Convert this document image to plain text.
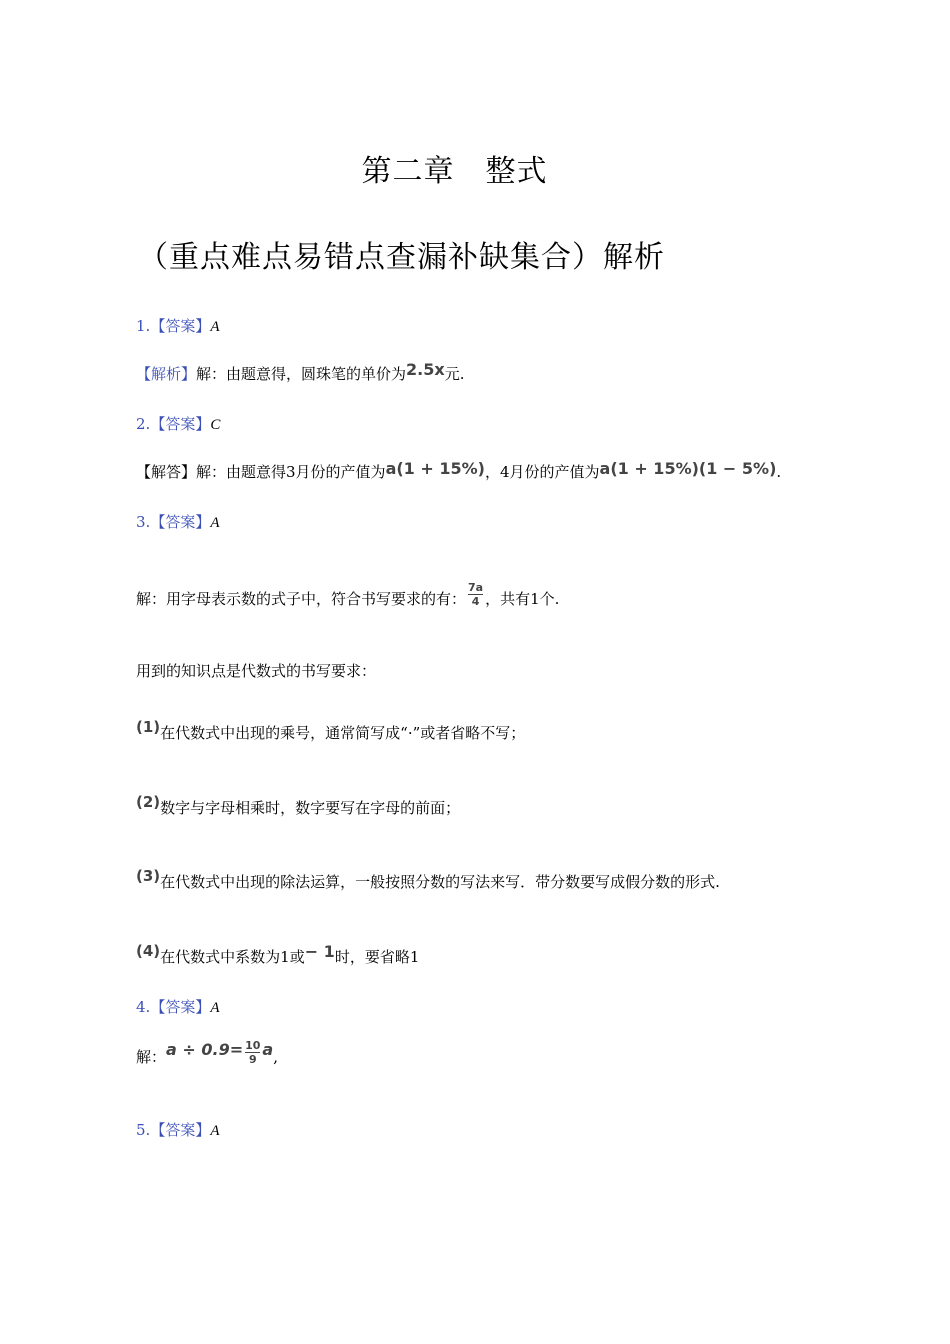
第二章　整式
（重点难点易错点查漏补缺集合）解析
1.【答案】A
【解析】解：由题意得，圆珠笔的单价为2.5x元.
2.【答案】C
【解答】解：由题意得3月份的产值为a(1 + 15%)，4月份的产值为a(1 + 15%)(1 − 5%).
3.【答案】A
解：用字母表示数的式子中，符合书写要求的有： $\frac{7a}{4}$ ，共有1个.
用到的知识点是代数式的书写要求：
(1)在代数式中出现的乘号，通常简写成“·”或者省略不写；
(2)数字与字母相乘时，数字要写在字母的前面；
(3)在代数式中出现的除法运算，一般按照分数的写法来写．带分数要写成假分数的形式.
(4)在代数式中系数为1或− 1时，要省略1
4.【答案】A
解：$a \div 0.9= \frac{10}{9} a$,
5.【答案】A
